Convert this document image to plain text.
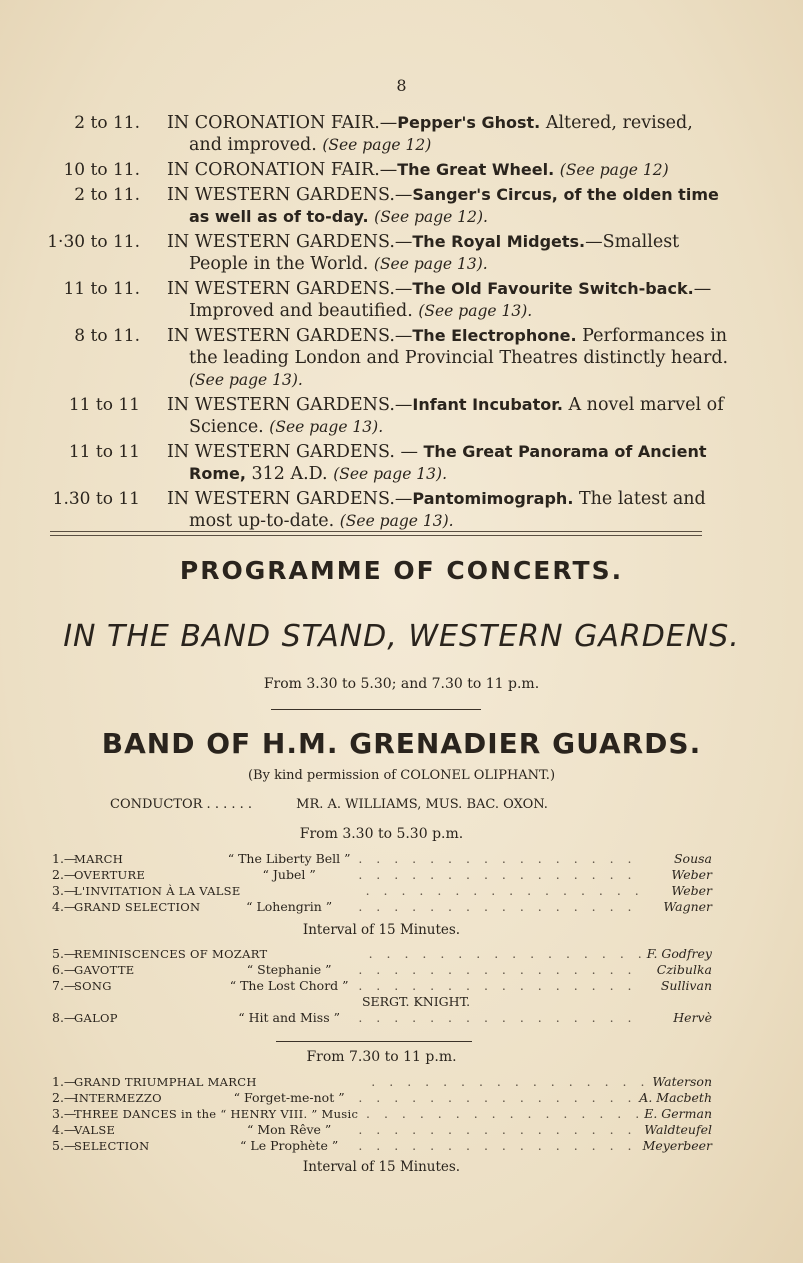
8
2 to 11.	IN CORONATION FAIR.—Pepper's Ghost. Altered, revised, and improved. (See page 12)
10 to 11.	IN CORONATION FAIR.—The Great Wheel. (See page 12)
2 to 11.	IN WESTERN GARDENS.—Sanger's Circus, of the olden time as well as of to-day. (See page 12).
1·30 to 11.	IN WESTERN GARDENS.—The Royal Midgets.—Smallest People in the World. (See page 13).
11 to 11.	IN WESTERN GARDENS.—The Old Favourite Switch-back.—Improved and beautified. (See page 13).
8 to 11.	IN WESTERN GARDENS.—The Electrophone. Performances in the leading London and Provincial Theatres distinctly heard. (See page 13).
11 to 11	IN WESTERN GARDENS.—Infant Incubator. A novel marvel of Science. (See page 13).
11 to 11	IN WESTERN GARDENS. — The Great Panorama of Ancient Rome, 312 A.D. (See page 13).
1.30 to 11	IN WESTERN GARDENS.—Pantomimograph. The latest and most up-to-date. (See page 13).
PROGRAMME OF CONCERTS.
IN THE BAND STAND, WESTERN GARDENS.
From 3.30 to 5.30; and 7.30 to 11 p.m.
BAND OF H.M. GRENADIER GUARDS.
(By kind permission of COLONEL OLIPHANT.)
CONDUCTOR . . . . . .	MR. A. WILLIAMS, MUS. BAC. OXON.
From 3.30 to 5.30 p.m.
1.—
MARCH	“ The Liberty Bell ” . . . . . . . . . . . . . . . .	Sousa
2.—
OVERTURE	“ Jubel ”	. . . . . . . . . . . . . . . .	Weber
3.—
L'INVITATION À LA VALSE	. . . . . . . . . . . . . . . .	Weber
4.—
GRAND SELECTION	“ Lohengrin ”	. . . . . . . . . . . . . . . .	Wagner
Interval of 15 Minutes.
5.—
REMINISCENCES OF MOZART	. . . . . . . . . . . . . . . . F. Godfrey
6.—
GAVOTTE	“ Stephanie ”	. . . . . . . . . . . . . . . .	Czibulka
7.—
SONG	“ The Lost Chord ” . . . . . . . . . . . . . . . .	Sullivan
SERGT. KNIGHT.
8.—
GALOP	“ Hit and Miss ”	. . . . . . . . . . . . . . . .	Hervè
From 7.30 to 11 p.m.
1.—
GRAND TRIUMPHAL MARCH	. . . . . . . . . . . . . . . . Waterson
2.—
INTERMEZZO	“ Forget-me-not ”	. . . . . . . . . . . . . . . . A. Macbeth
3.—
THREE DANCES in the “ HENRY VIII. ” Music . . . . . . . . . . . . . . . . E. German
4.—
VALSE	“ Mon Rêve ”	. . . . . . . . . . . . . . . . Waldteufel
5.—
SELECTION	“ Le Prophète ”	. . . . . . . . . . . . . . . . Meyerbeer
Interval of 15 Minutes.
